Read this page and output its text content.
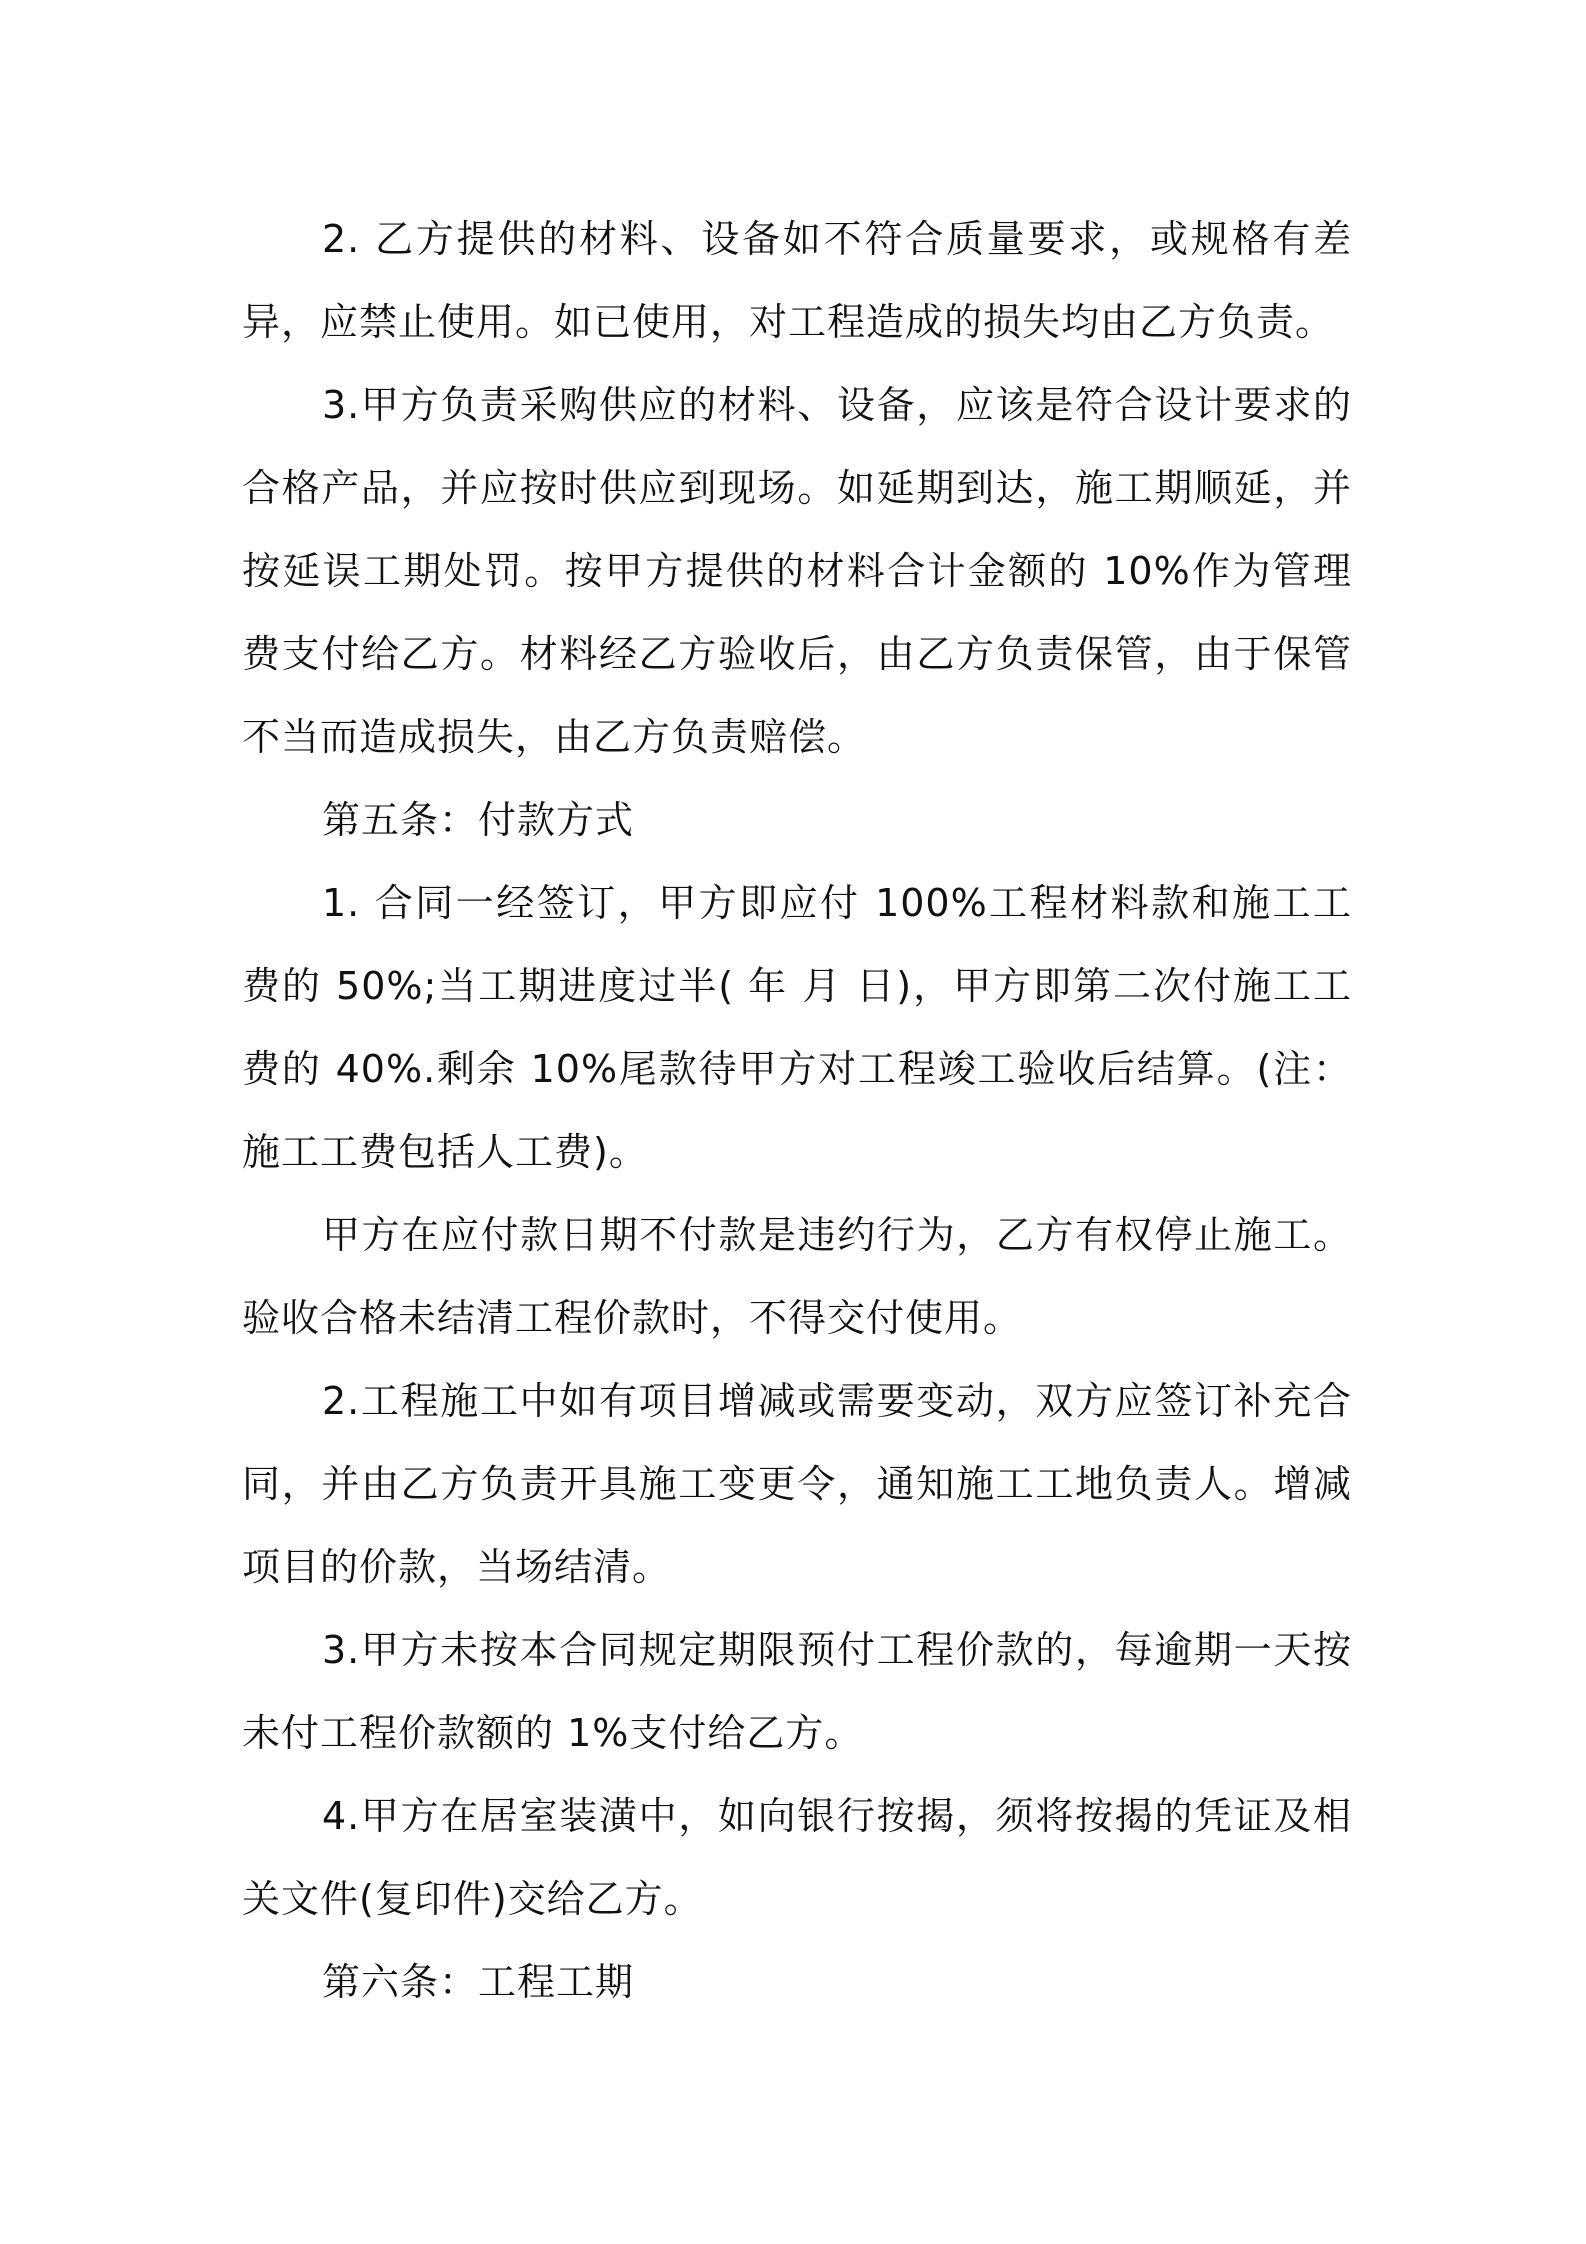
2. 乙方提供的材料、设备如不符合质量要求，或规格有差异，应禁止使用。如已使用，对工程造成的损失均由乙方负责。

3.甲方负责采购供应的材料、设备，应该是符合设计要求的合格产品，并应按时供应到现场。如延期到达，施工期顺延，并按延误工期处罚。按甲方提供的材料合计金额的 10%作为管理费支付给乙方。材料经乙方验收后，由乙方负责保管，由于保管不当而造成损失，由乙方负责赔偿。

第五条：付款方式

1. 合同一经签订，甲方即应付 100%工程材料款和施工工费的 50%;当工期进度过半( 年 月 日)，甲方即第二次付施工工费的 40%.剩余 10%尾款待甲方对工程竣工验收后结算。(注：施工工费包括人工费)。

甲方在应付款日期不付款是违约行为，乙方有权停止施工。验收合格未结清工程价款时，不得交付使用。

2.工程施工中如有项目增减或需要变动，双方应签订补充合同，并由乙方负责开具施工变更令，通知施工工地负责人。增减项目的价款，当场结清。

3.甲方未按本合同规定期限预付工程价款的，每逾期一天按未付工程价款额的 1%支付给乙方。

4.甲方在居室装潢中，如向银行按揭，须将按揭的凭证及相关文件(复印件)交给乙方。

第六条：工程工期
